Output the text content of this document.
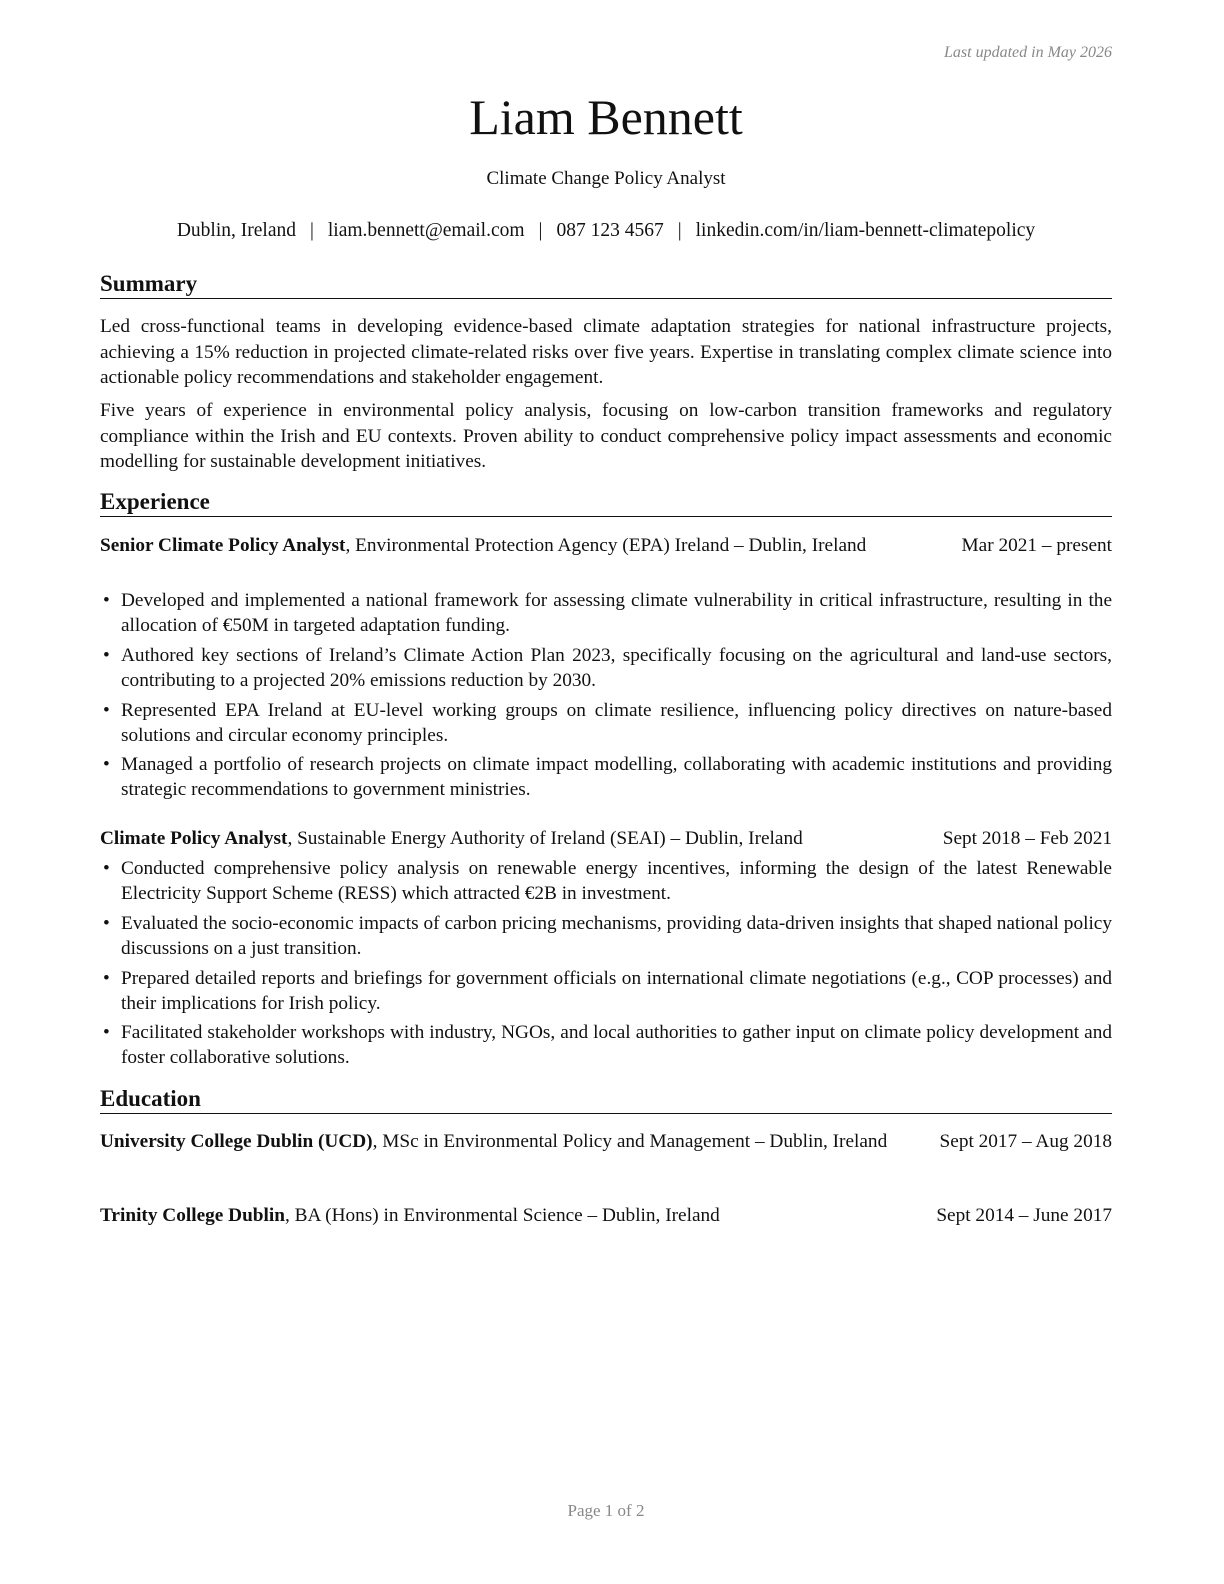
Last updated in May 2026
Liam Bennett
Climate Change Policy Analyst
Dublin, Ireland | liam.bennett@email.com | 087 123 4567 | linkedin.com/in/liam-bennett-climatepolicy
Summary

Led cross-functional teams in developing evidence-based climate adaptation strategies for national infrastructure projects, achieving a 15% reduction in projected climate-related risks over five years. Expertise in translating complex climate science into actionable policy recommendations and stakeholder engagement.

Five years of experience in environmental policy analysis, focusing on low-carbon transition frameworks and regulatory compliance within the Irish and EU contexts. Proven ability to conduct comprehensive policy impact assessments and economic modelling for sustainable development initiatives.

Experience
Senior Climate Policy Analyst, Environmental Protection Agency (EPA) Ireland – Dublin, Ireland	Mar 2021 – present
• Developed and implemented a national framework for assessing climate vulnerability in critical infrastructure, resulting in the allocation of €50M in targeted adaptation funding.
• Authored key sections of Ireland’s Climate Action Plan 2023, specifically focusing on the agricultural and land-use sectors, contributing to a projected 20% emissions reduction by 2030.
• Represented EPA Ireland at EU-level working groups on climate resilience, influencing policy directives on nature-based solutions and circular economy principles.
• Managed a portfolio of research projects on climate impact modelling, collaborating with academic institutions and providing strategic recommendations to government ministries.
Climate Policy Analyst, Sustainable Energy Authority of Ireland (SEAI) – Dublin, Ireland	Sept 2018 – Feb 2021
• Conducted comprehensive policy analysis on renewable energy incentives, informing the design of the latest Renewable Electricity Support Scheme (RESS) which attracted €2B in investment.
• Evaluated the socio-economic impacts of carbon pricing mechanisms, providing data-driven insights that shaped national policy discussions on a just transition.
• Prepared detailed reports and briefings for government officials on international climate negotiations (e.g., COP processes) and their implications for Irish policy.
• Facilitated stakeholder workshops with industry, NGOs, and local authorities to gather input on climate policy development and foster collaborative solutions.
Education
University College Dublin (UCD), MSc in Environmental Policy and Management – Dublin, Ireland	Sept 2017 – Aug 2018
Trinity College Dublin, BA (Hons) in Environmental Science – Dublin, Ireland	Sept 2014 – June 2017
Page 1 of 2
